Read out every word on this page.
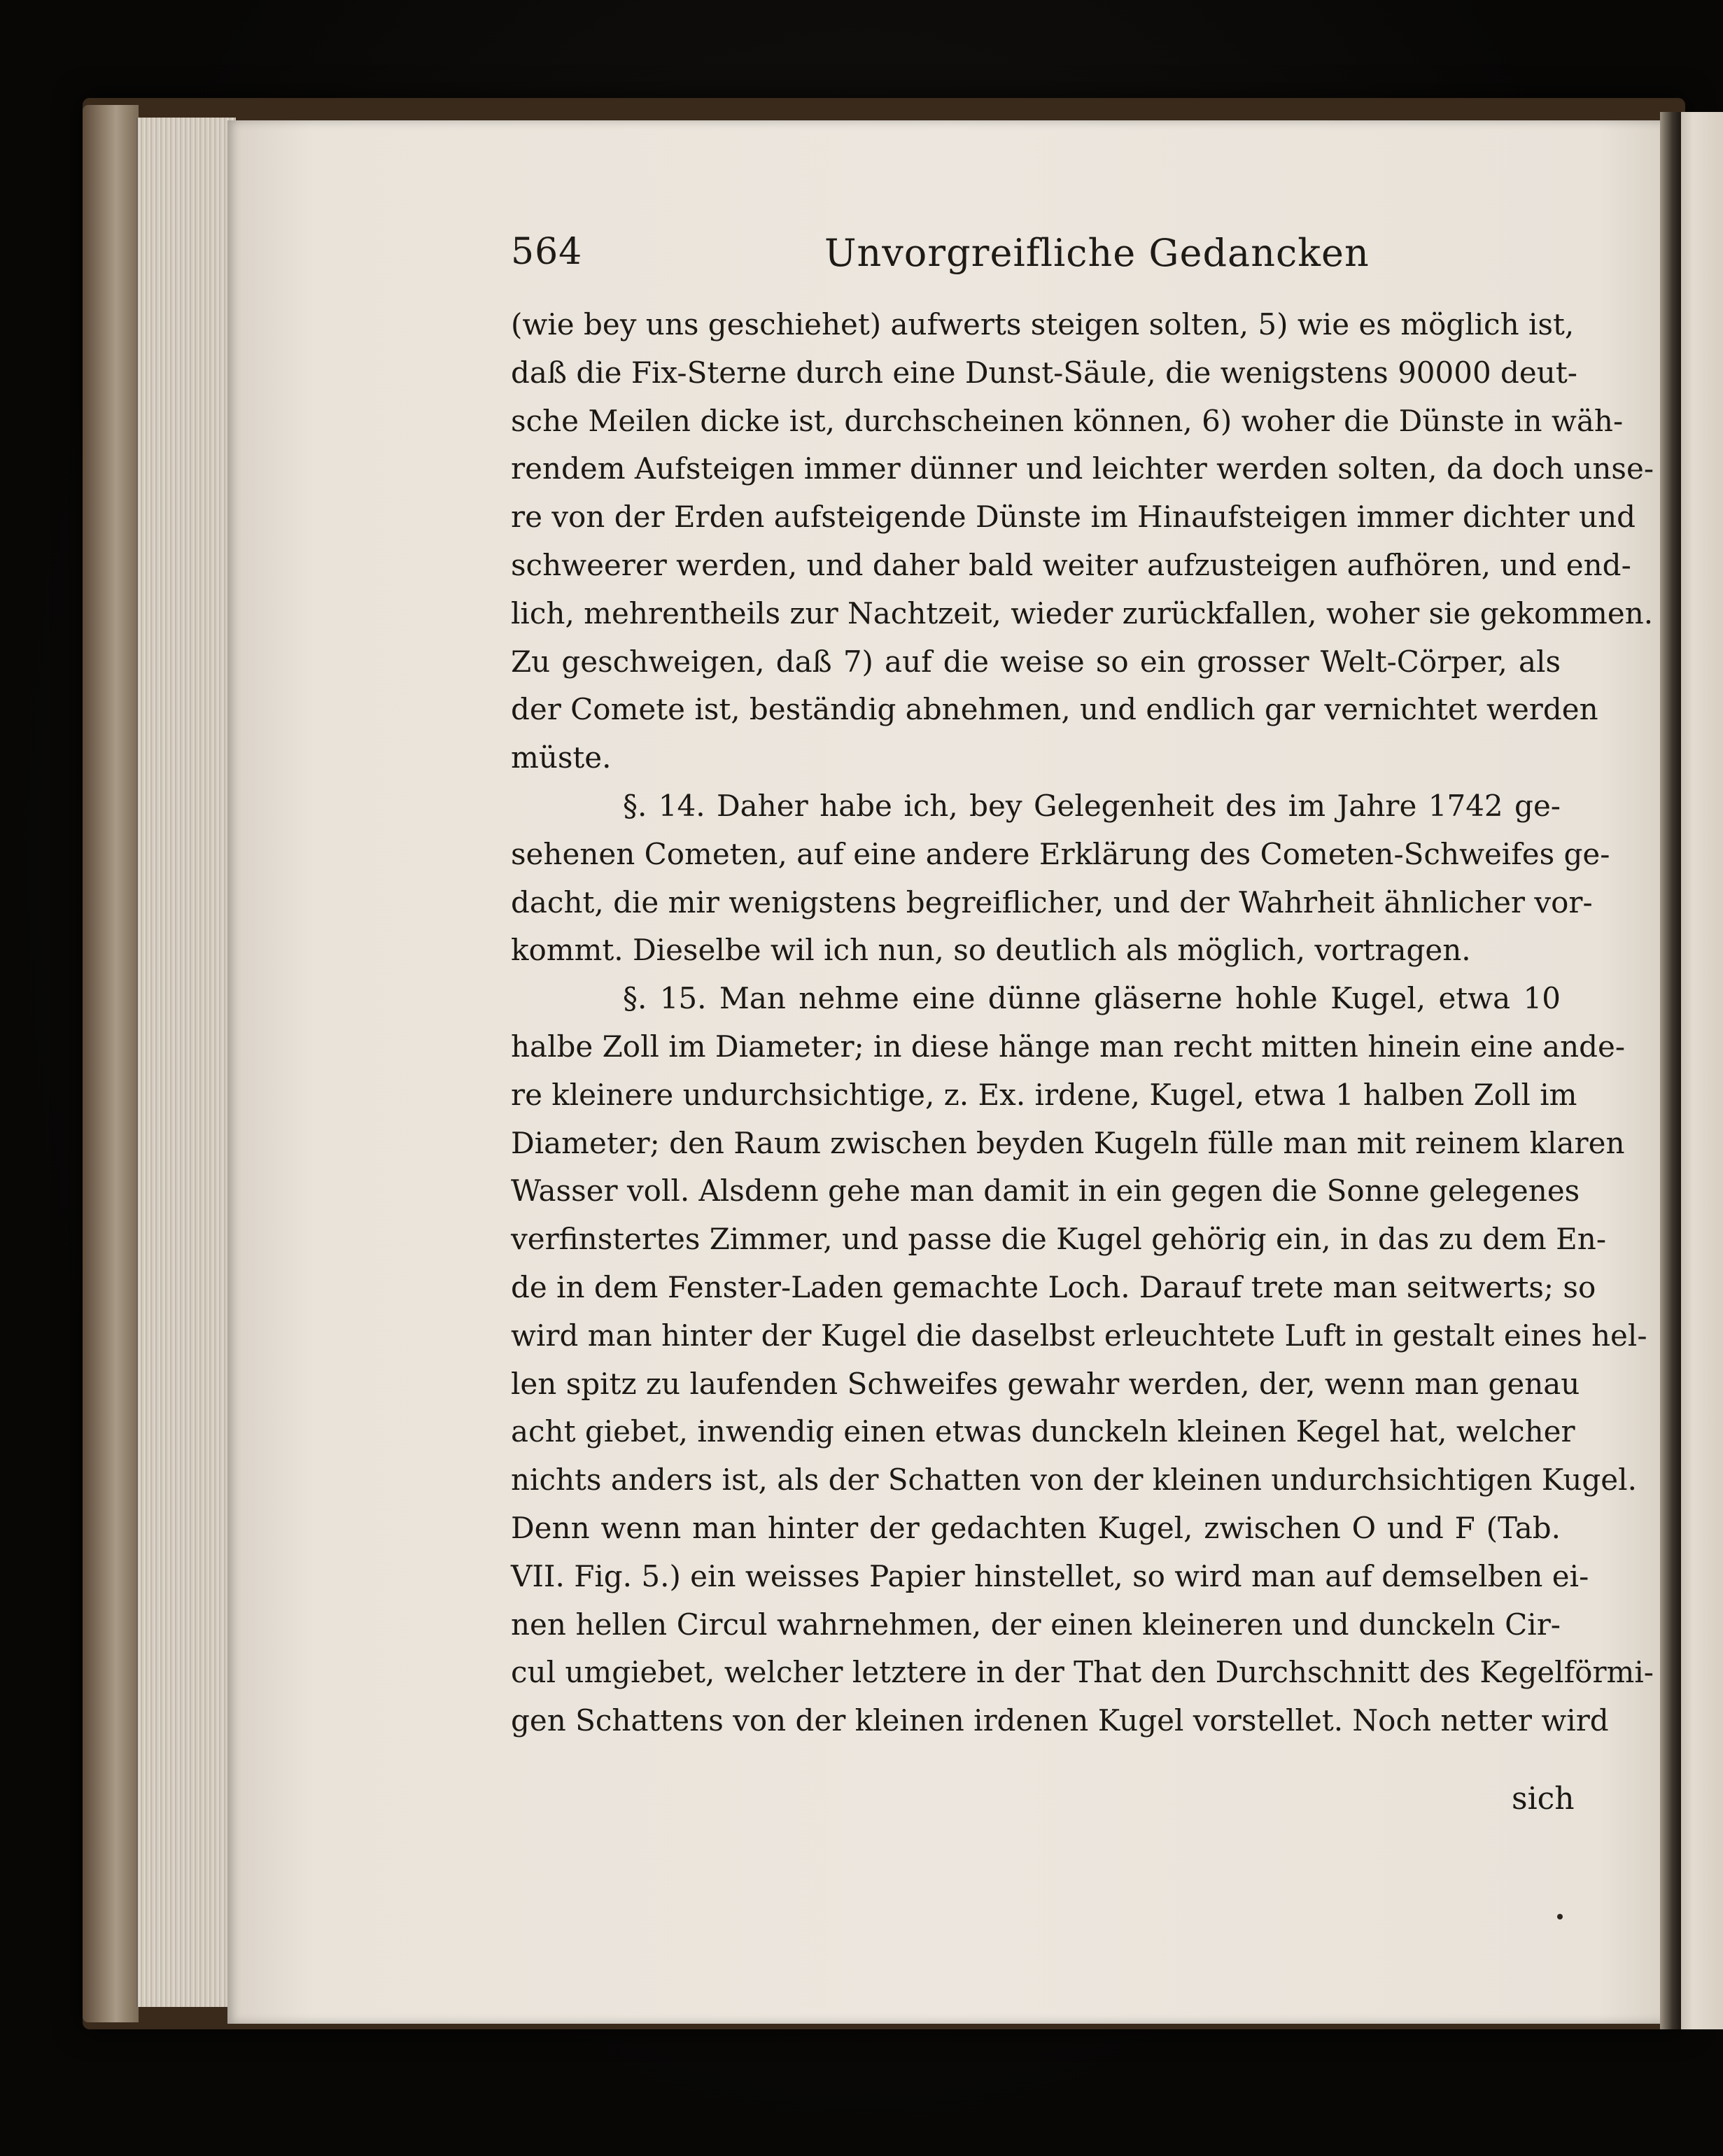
564	Unvorgreifliche Gedancken
(wie bey uns geschiehet) aufwerts steigen solten, 5) wie es möglich ist,
daß die Fix-Sterne durch eine Dunst-Säule, die wenigstens 90000 deut-
sche Meilen dicke ist, durchscheinen können, 6) woher die Dünste in wäh-
rendem Aufsteigen immer dünner und leichter werden solten, da doch unse-
re von der Erden aufsteigende Dünste im Hinaufsteigen immer dichter und
schweerer werden, und daher bald weiter aufzusteigen aufhören, und end-
lich, mehrentheils zur Nachtzeit, wieder zurückfallen, woher sie gekommen.
Zu geschweigen, daß 7) auf die weise so ein grosser Welt-Cörper, als
der Comete ist, beständig abnehmen, und endlich gar vernichtet werden
müste.
§. 14. Daher habe ich, bey Gelegenheit des im Jahre 1742 ge-
sehenen Cometen, auf eine andere Erklärung des Cometen-Schweifes ge-
dacht, die mir wenigstens begreiflicher, und der Wahrheit ähnlicher vor-
kommt. Dieselbe wil ich nun, so deutlich als möglich, vortragen.
§. 15. Man nehme eine dünne gläserne hohle Kugel, etwa 10
halbe Zoll im Diameter; in diese hänge man recht mitten hinein eine ande-
re kleinere undurchsichtige, z. Ex. irdene, Kugel, etwa 1 halben Zoll im
Diameter; den Raum zwischen beyden Kugeln fülle man mit reinem klaren
Wasser voll. Alsdenn gehe man damit in ein gegen die Sonne gelegenes
verfinstertes Zimmer, und passe die Kugel gehörig ein, in das zu dem En-
de in dem Fenster-Laden gemachte Loch. Darauf trete man seitwerts; so
wird man hinter der Kugel die daselbst erleuchtete Luft in gestalt eines hel-
len spitz zu laufenden Schweifes gewahr werden, der, wenn man genau
acht giebet, inwendig einen etwas dunckeln kleinen Kegel hat, welcher
nichts anders ist, als der Schatten von der kleinen undurchsichtigen Kugel.
Denn wenn man hinter der gedachten Kugel, zwischen O und F (Tab.
VII. Fig. 5.) ein weisses Papier hinstellet, so wird man auf demselben ei-
nen hellen Circul wahrnehmen, der einen kleineren und dunckeln Cir-
cul umgiebet, welcher letztere in der That den Durchschnitt des Kegelförmi-
gen Schattens von der kleinen irdenen Kugel vorstellet. Noch netter wird
sich
